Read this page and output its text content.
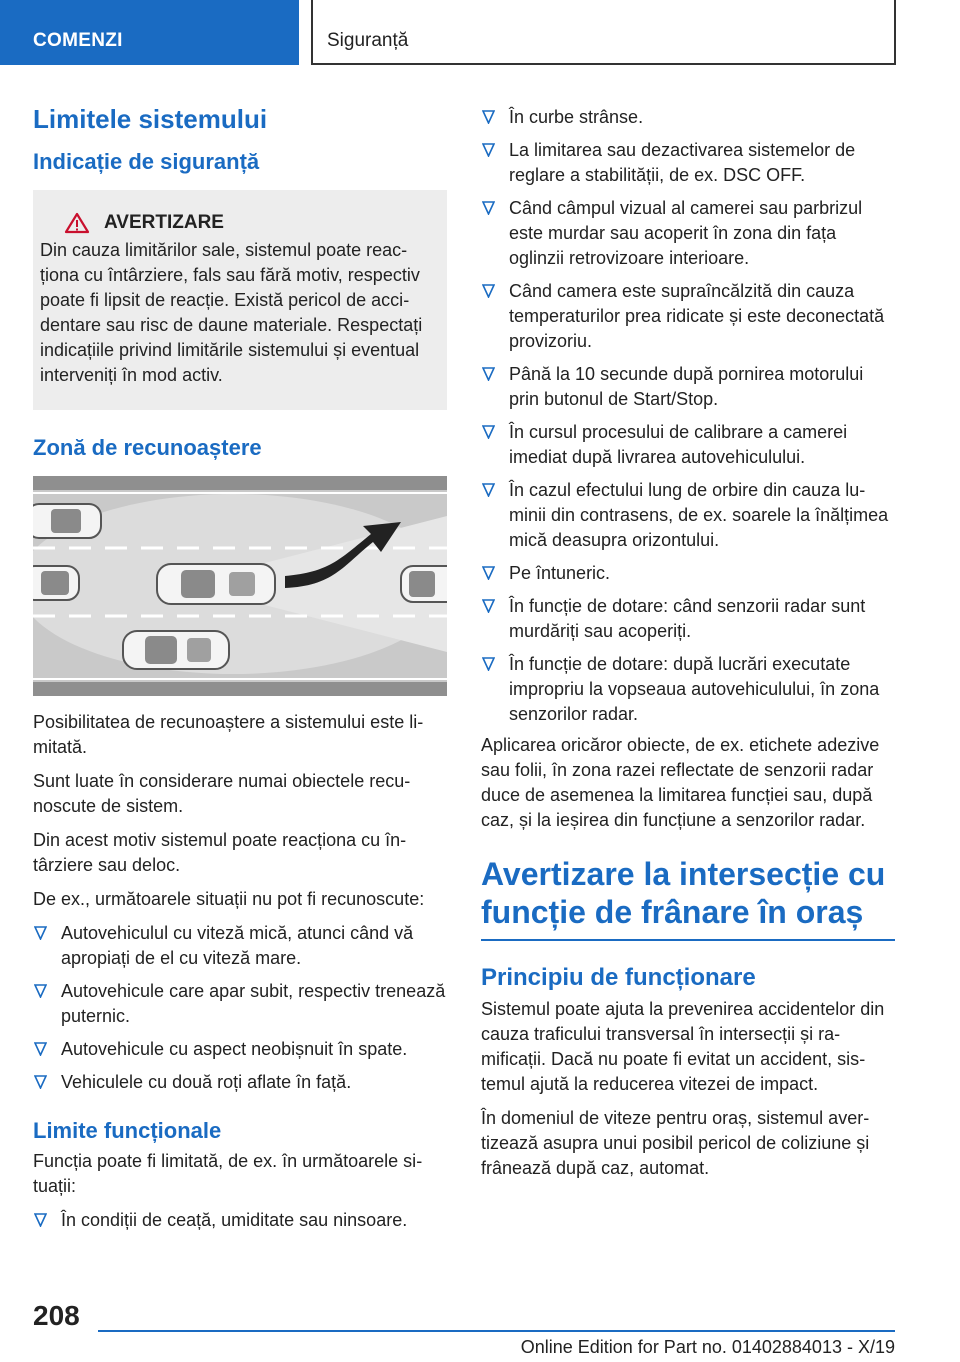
COMENZI	Siguranță
Limitele sistemului
Indicație de siguranță
AVERTIZARE

Din cauza limitărilor sale, sistemul poate reacționa cu întârziere, fals sau fără motiv, respectiv poate fi lipsit de reacție. Există pericol de accidentare sau risc de daune materiale. Respectați indicațiile privind limitările sistemului și eventual interveniți în mod activ.

Zonă de recunoaștere

Posibilitatea de recunoaștere a sistemului este limitată.

Sunt luate în considerare numai obiectele recunoscute de sistem.

Din acest motiv sistemul poate reacționa cu întârziere sau deloc.

De ex., următoarele situații nu pot fi recunoscute:

Autovehiculul cu viteză mică, atunci când vă apropiați de el cu viteză mare.
Autovehicule care apar subit, respectiv trenează puternic.
Autovehicule cu aspect neobișnuit în spate.
Vehiculele cu două roți aflate în față.
Limite funcționale

Funcția poate fi limitată, de ex. în următoarele situații:

În condiții de ceață, umiditate sau ninsoare.
În curbe strânse.
La limitarea sau dezactivarea sistemelor de reglare a stabilității, de ex. DSC OFF.
Când câmpul vizual al camerei sau parbrizul este murdar sau acoperit în zona din fața oglinzii retrovizoare interioare.
Când camera este supraîncălzită din cauza temperaturilor prea ridicate și este deconectată provizoriu.
Până la 10 secunde după pornirea motorului prin butonul de Start/Stop.
În cursul procesului de calibrare a camerei imediat după livrarea autovehiculului.
În cazul efectului lung de orbire din cauza luminii din contrasens, de ex. soarele la înălțimea mică deasupra orizontului.
Pe întuneric.
În funcție de dotare: când senzorii radar sunt murdăriți sau acoperiți.
În funcție de dotare: după lucrări executate impropriu la vopseaua autovehiculului, în zona senzorilor radar.

Aplicarea oricăror obiecte, de ex. etichete adezive sau folii, în zona razei reflectate de senzorii radar duce de asemenea la limitarea funcției sau, după caz, și la ieșirea din funcțiune a senzorilor radar.

Avertizare la intersecție cu funcție de frânare în oraș
Principiu de funcționare

Sistemul poate ajuta la prevenirea accidentelor din cauza traficului transversal în intersecții și ramificații. Dacă nu poate fi evitat un accident, sistemul ajută la reducerea vitezei de impact.

În domeniul de viteze pentru oraș, sistemul avertizează asupra unui posibil pericol de coliziune și frânează după caz, automat.

208
Online Edition for Part no. 01402884013 - X/19
